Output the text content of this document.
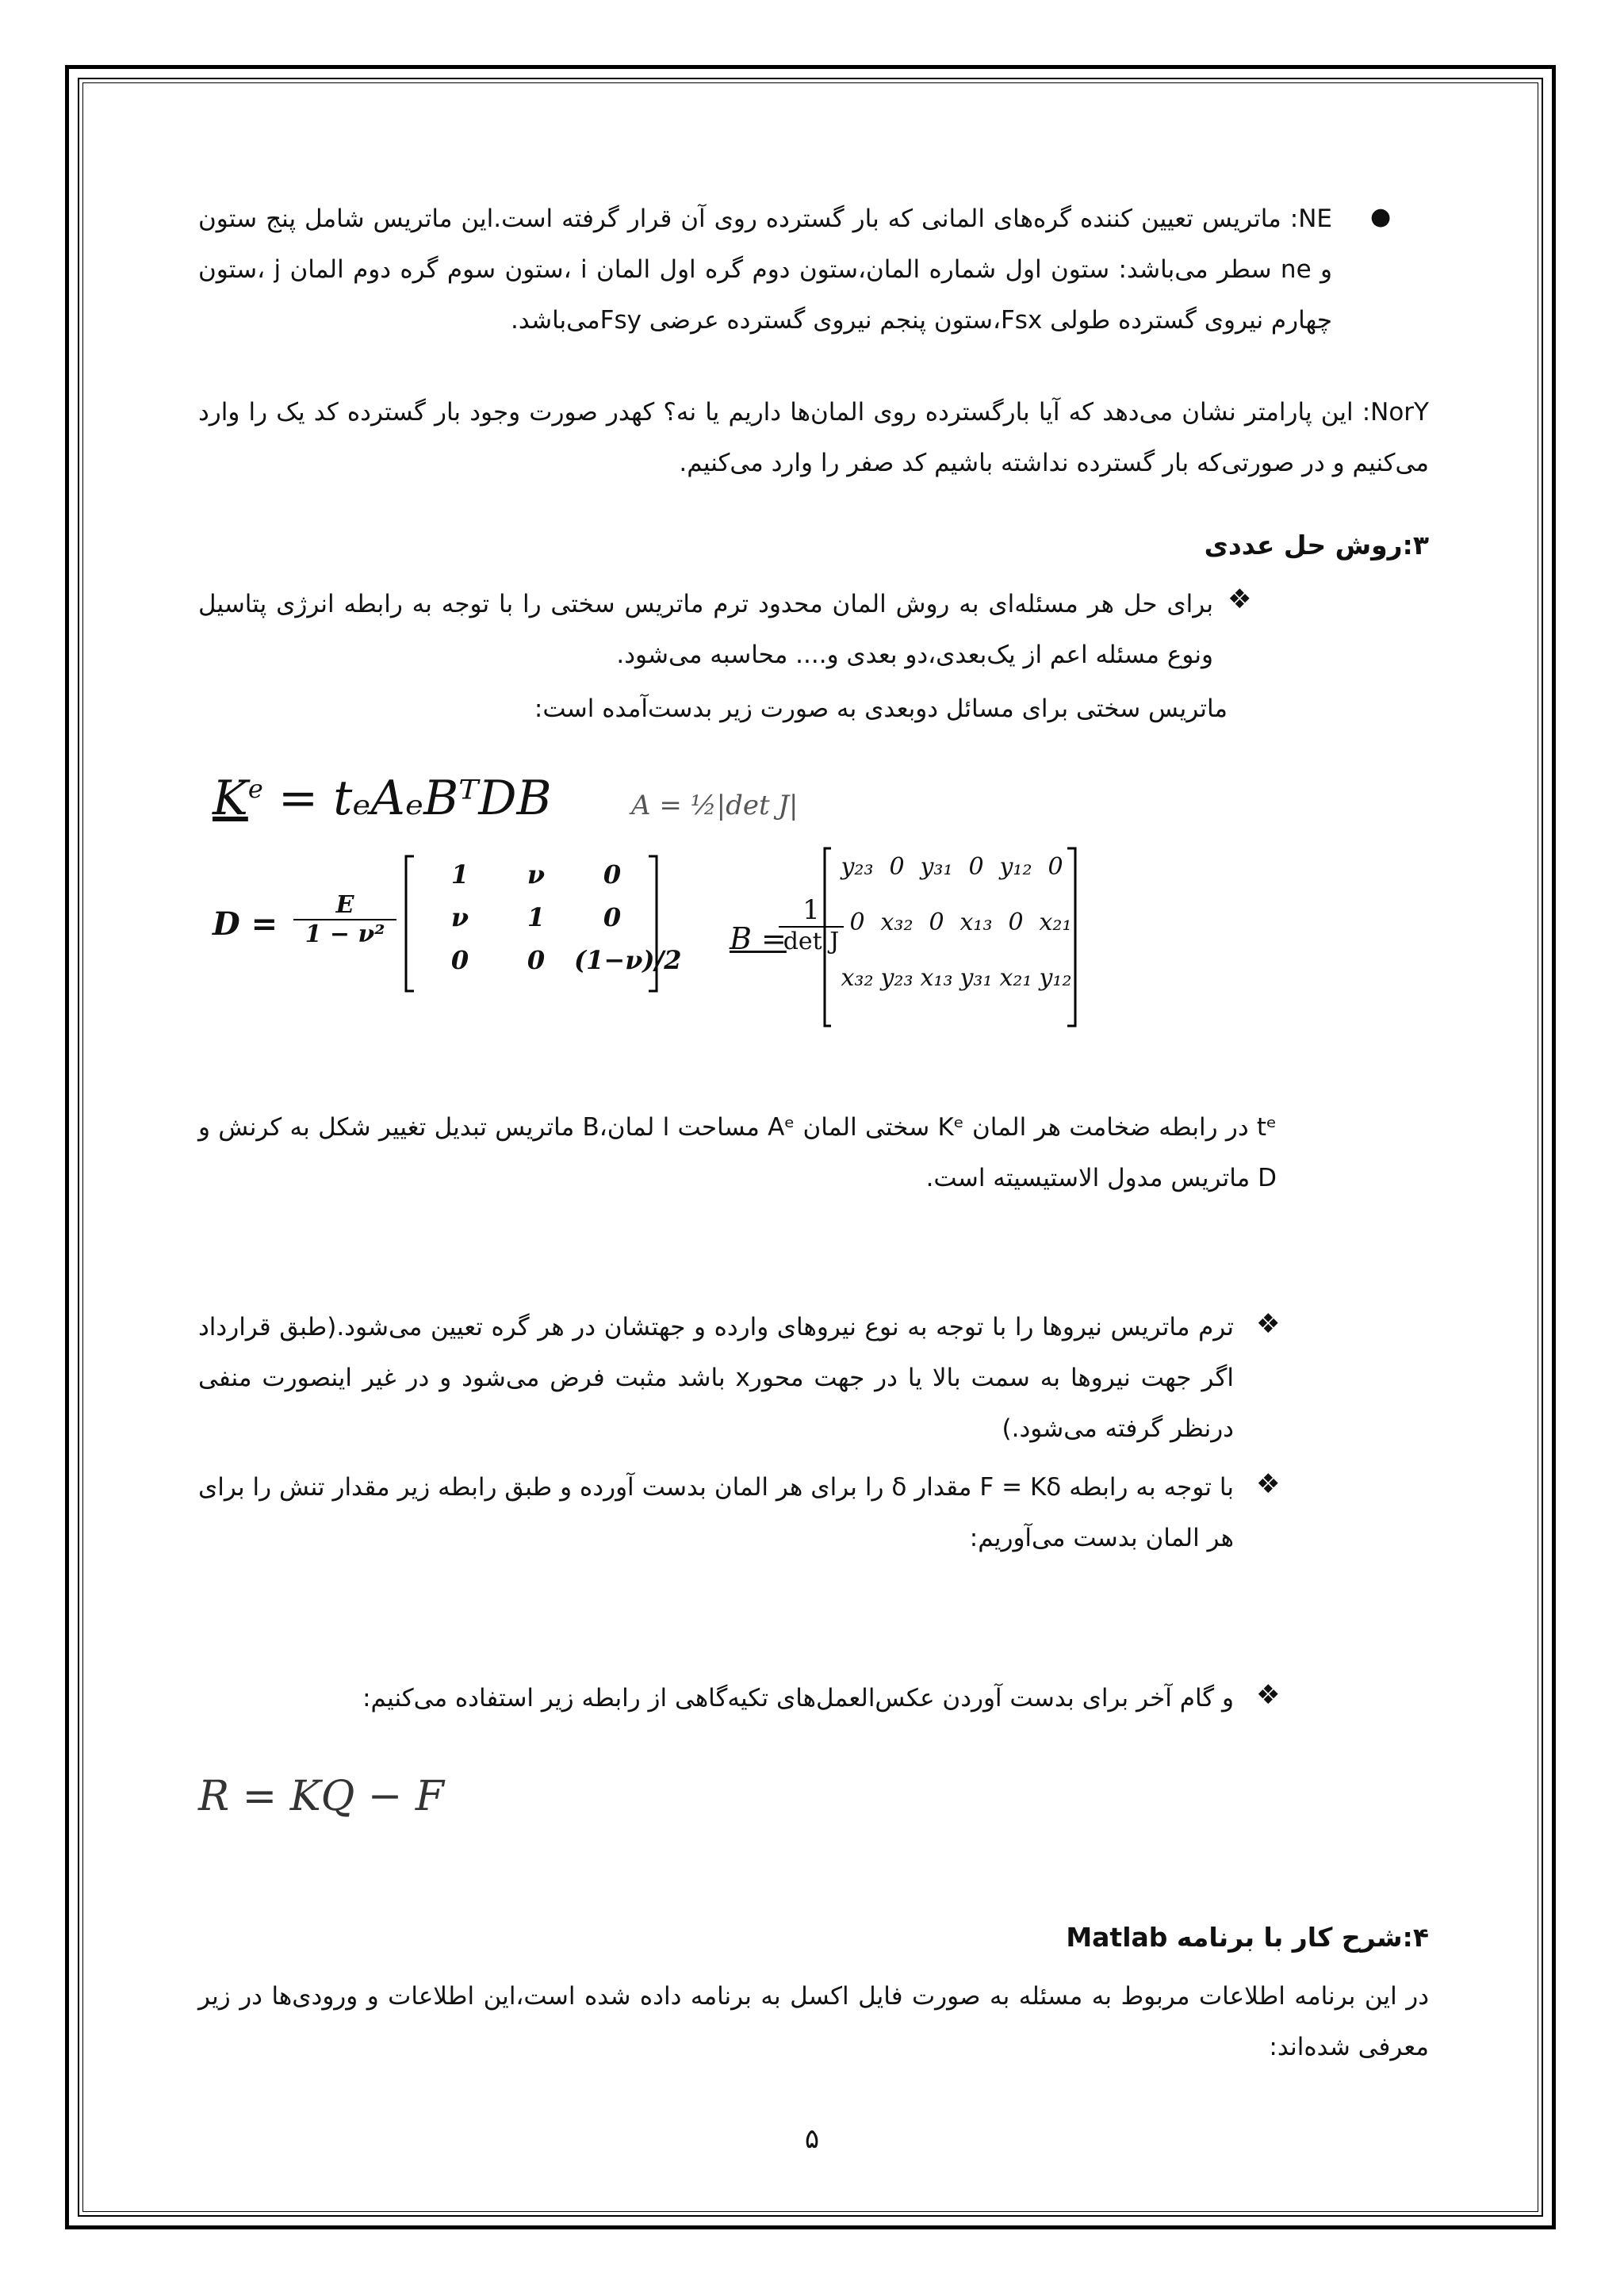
●
NE: ماتریس تعیین کننده گره‌های المانی که بار گسترده روی آن قرار گرفته است.این ماتریس شامل پنج ستون و ne سطر می‌باشد: ستون اول شماره المان،ستون دوم گره اول المان i ،ستون سوم گره دوم المان j ،ستون چهارم نیروی گسترده طولی Fsx،ستون پنجم نیروی گسترده عرضی Fsyمی‌باشد.
NorY: این پارامتر نشان می‌دهد که آیا بارگسترده روی المان‌ها داریم یا نه؟ کهدر صورت وجود بار گسترده کد یک را وارد می‌کنیم و در صورتی‌که بار گسترده نداشته باشیم کد صفر را وارد می‌کنیم.
۳:روش حل عددی
❖
برای حل هر مسئله‌ای به روش المان محدود ترم ماتریس سختی را با توجه به رابطه انرژی پتاسیل ونوع مسئله اعم از یک‌بعدی،دو بعدی و.... محاسبه می‌شود.
ماتریس سختی برای مسائل دوبعدی به صورت زیر بدست‌آمده است:
$K^e$ = tₑAₑBᵀDB	A = ½|det J|
$D = \frac{E}{\text{1 − ν²}}$
1	ν	0
ν	1	0
0	0	(1−ν)/2
B =
1
det J
y₂₃ 0 y₃₁ 0 y₁₂ 0
0 x₃₂ 0 x₁₃ 0 x₂₁
x₃₂ y₂₃ x₁₃ y₃₁ x₂₁ y₁₂
tᵉ در رابطه ضخامت هر المان Kᵉ سختی المان Aᵉ مساحت ا لمان،B ماتریس تبدیل تغییر شکل به کرنش و D ماتریس مدول الاستیسیته است.
❖
ترم ماتریس نیروها را با توجه به نوع نیروهای وارده و جهتشان در هر گره تعیین می‌شود.(طبق قرارداد اگر جهت نیروها به سمت بالا یا در جهت محورx باشد مثبت فرض می‌شود و در غیر اینصورت منفی درنظر گرفته می‌شود.)
❖
با توجه به رابطه F = Kδ مقدار δ را برای هر المان بدست آورده و طبق رابطه زیر مقدار تنش را برای هر المان بدست می‌آوریم:
❖
و گام آخر برای بدست آوردن عکس‌العمل‌های تکیه‌گاهی از رابطه زیر استفاده می‌کنیم:
R = KQ − F
۴:شرح کار با برنامه Matlab
در این برنامه اطلاعات مربوط به مسئله به صورت فایل اکسل به برنامه داده شده است،این اطلاعات و ورودی‌ها در زیر معرفی شده‌اند:
۵
